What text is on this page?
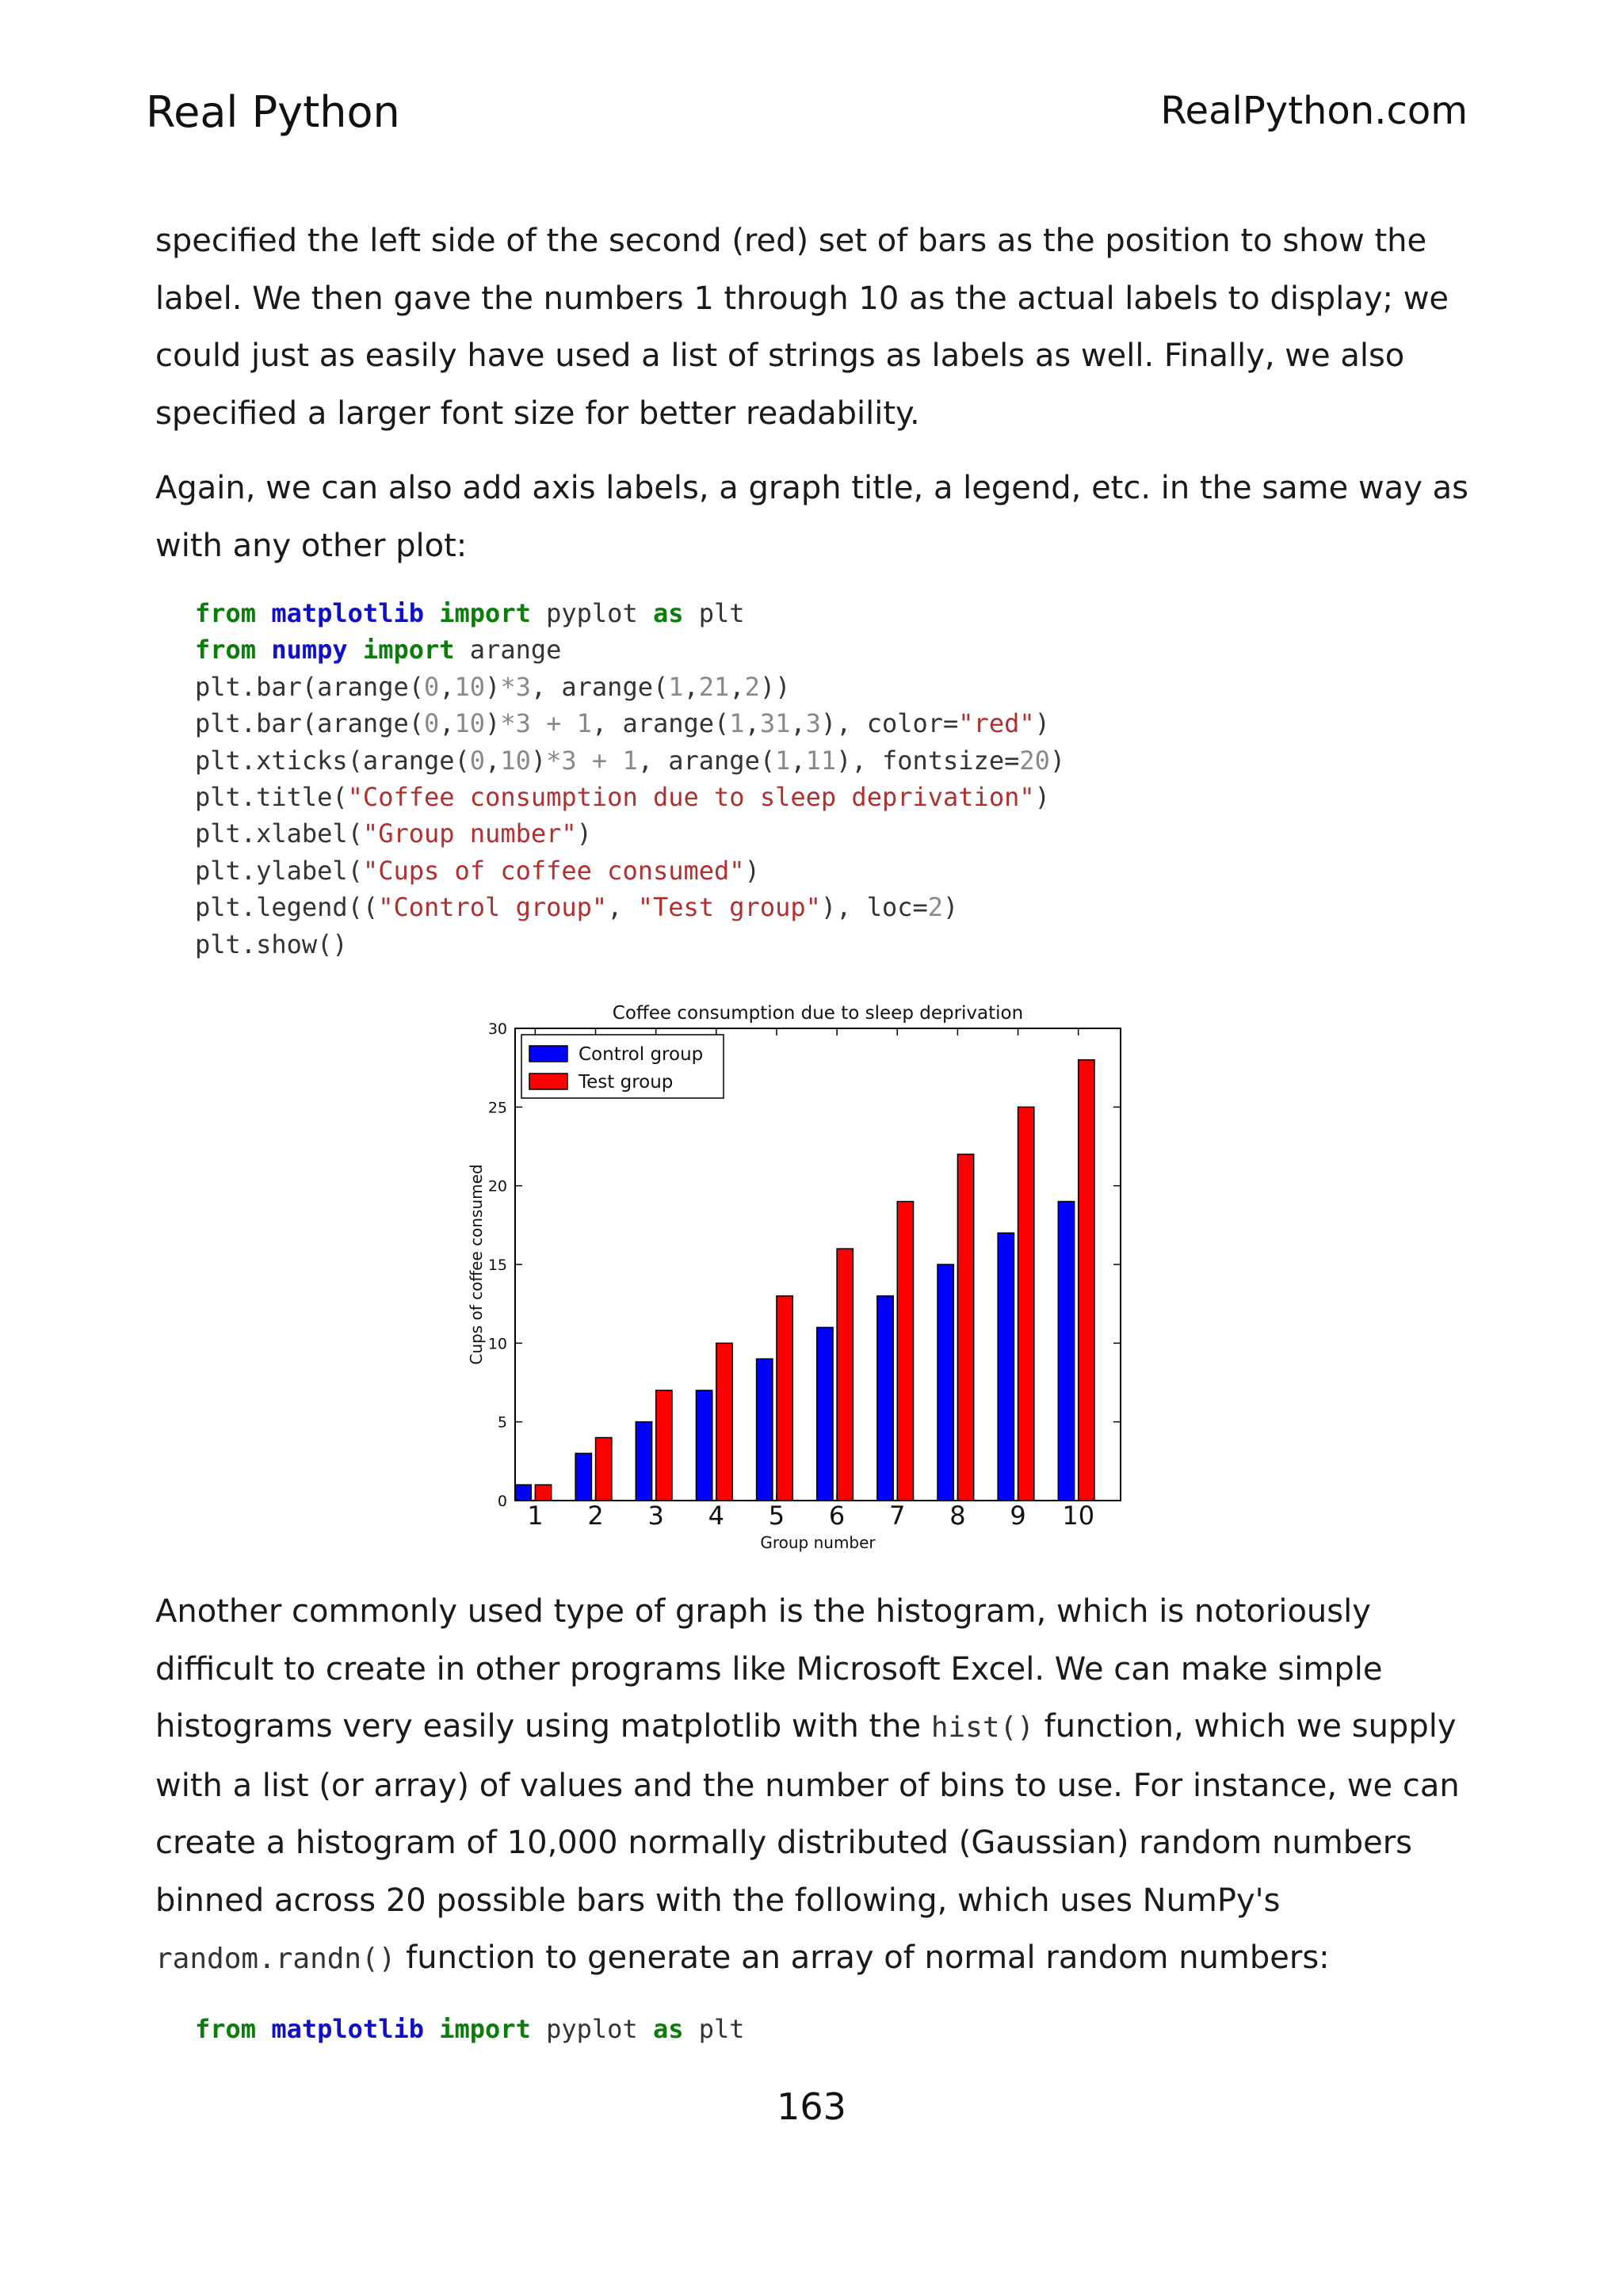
Real Python	RealPython.com

specified the left side of the second (red) set of bars as the position to show the label. We then gave the numbers 1 through 10 as the actual labels to display; we could just as easily have used a list of strings as labels as well. Finally, we also specified a larger font size for better readability.

Again, we can also add axis labels, a graph title, a legend, etc. in the same way as with any other plot:

from matplotlib import pyplot as plt
from numpy import arange
plt.bar(arange(0,10)*3, arange(1,21,2))
plt.bar(arange(0,10)*3 + 1, arange(1,31,3), color="red")
plt.xticks(arange(0,10)*3 + 1, arange(1,11), fontsize=20)
plt.title("Coffee consumption due to sleep deprivation")
plt.xlabel("Group number")
plt.ylabel("Cups of coffee consumed")
plt.legend(("Control group", "Test group"), loc=2)
plt.show()
Coffee consumption due to sleep deprivation
0
5
10
15
20
25
30
1 2 3 4 5 6 7 8 9 10
Group number
Cups of coffee consumed
Control group
Test group

Another commonly used type of graph is the histogram, which is notoriously difficult to create in other programs like Microsoft Excel. We can make simple histograms very easily using matplotlib with the hist() function, which we supply with a list (or array) of values and the number of bins to use. For instance, we can create a histogram of 10,000 normally distributed (Gaussian) random numbers binned across 20 possible bars with the following, which uses NumPy's random.randn() function to generate an array of normal random numbers:

from matplotlib import pyplot as plt
163
